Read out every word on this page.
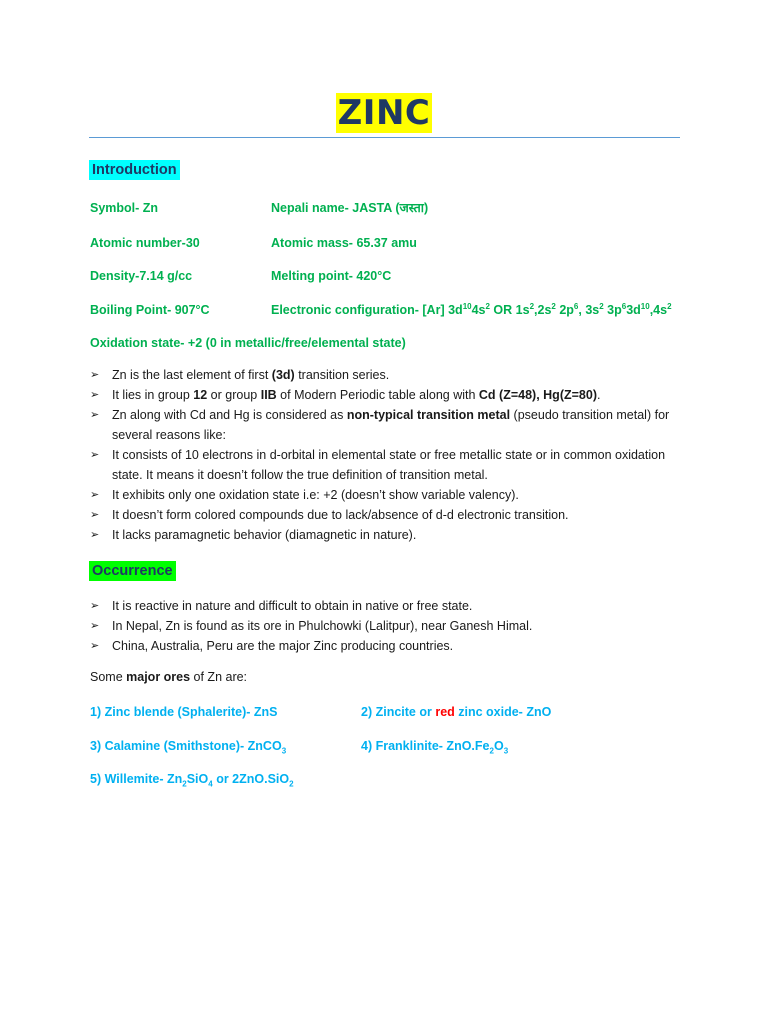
ZINC
Introduction
Symbol- Zn	Nepali name- JASTA (जस्ता)
Atomic number-30	Atomic mass- 65.37 amu
Density-7.14 g/cc	Melting point- 420°C
Boiling Point- 907°C	Electronic configuration- [Ar] $3d^{10}4s^2$ OR $1s^2,2s^2$ $2p^6$, $3s^2$ $3p^63d^{10},4s^2$
Oxidation state- +2 (0 in metallic/free/elemental state)
➢ Zn is the last element of first (3d) transition series.
➢ It lies in group 12 or group IIB of Modern Periodic table along with Cd (Z=48), Hg(Z=80).
➢ Zn along with Cd and Hg is considered as non-typical transition metal (pseudo transition metal) for several reasons like:
➢ It consists of 10 electrons in d-orbital in elemental state or free metallic state or in common oxidation state. It means it doesn’t follow the true definition of transition metal.
➢ It exhibits only one oxidation state i.e: +2 (doesn’t show variable valency).
➢ It doesn’t form colored compounds due to lack/absence of d-d electronic transition.
➢ It lacks paramagnetic behavior (diamagnetic in nature).
Occurrence
➢ It is reactive in nature and difficult to obtain in native or free state.
➢ In Nepal, Zn is found as its ore in Phulchowki (Lalitpur), near Ganesh Himal.
➢ China, Australia, Peru are the major Zinc producing countries.
Some major ores of Zn are:
1) Zinc blende (Sphalerite)- ZnS	2) Zincite or red zinc oxide- ZnO
3) Calamine (Smithstone)- ZnCO$_3$	4) Franklinite- $ZnO.Fe_2O_3$
5) Willemite- $Zn_2SiO_4$ or 2ZnO.SiO$_2$
